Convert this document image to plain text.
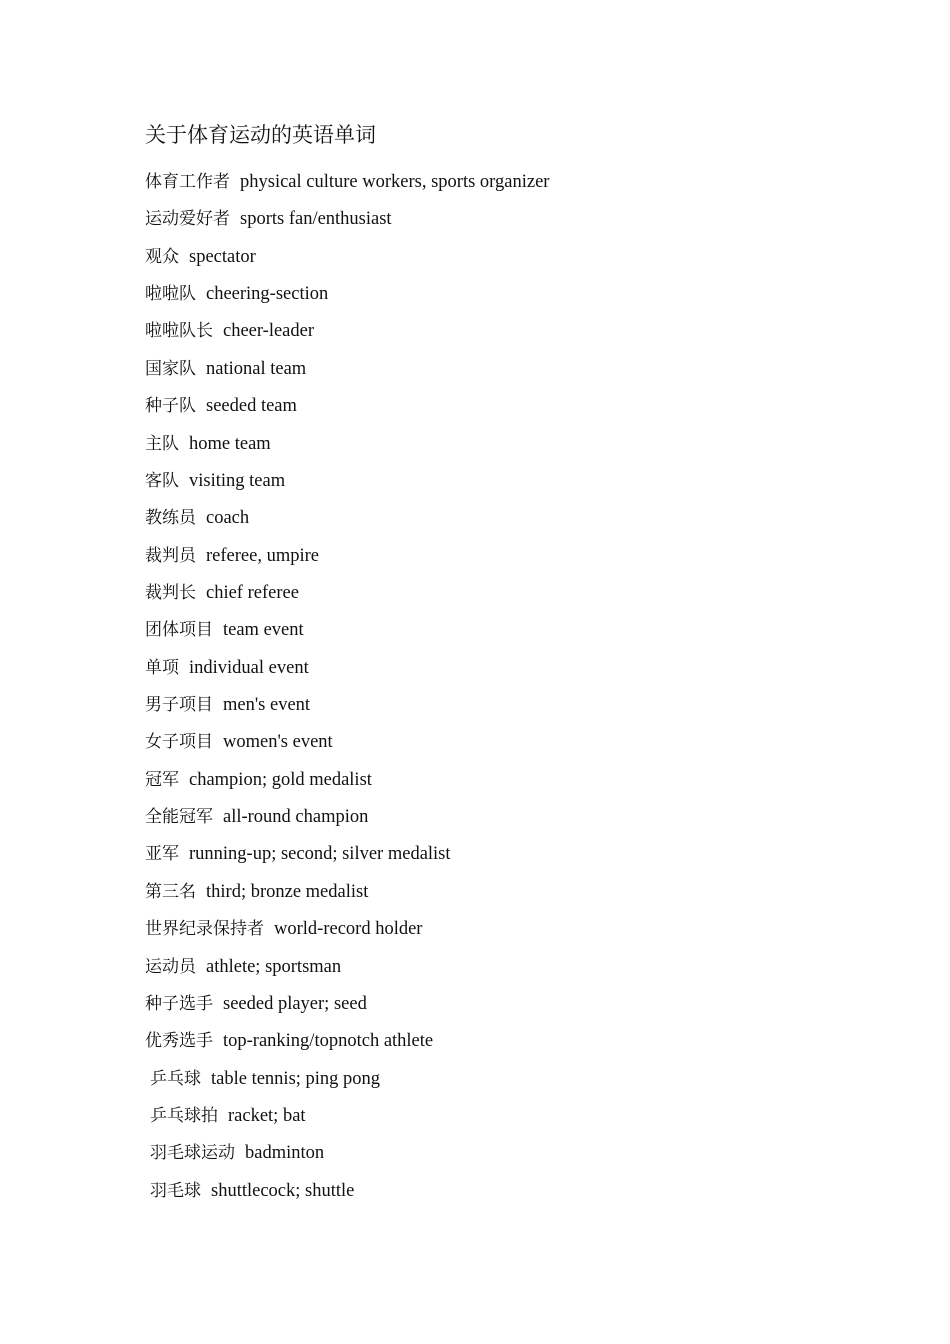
关于体育运动的英语单词
体育工作者 physical culture workers, sports organizer
运动爱好者 sports fan/enthusiast
观众 spectator
啦啦队 cheering-section
啦啦队长 cheer-leader
国家队 national team
种子队 seeded team
主队 home team
客队 visiting team
教练员 coach
裁判员 referee, umpire
裁判长 chief referee
团体项目 team event
单项 individual event
男子项目 men's event
女子项目 women's event
冠军 champion; gold medalist
全能冠军 all-round champion
亚军 running-up; second; silver medalist
第三名 third; bronze medalist
世界纪录保持者 world-record holder
运动员 athlete; sportsman
种子选手 seeded player; seed
优秀选手 top-ranking/topnotch athlete
乒乓球 table tennis; ping pong
乒乓球拍 racket; bat
羽毛球运动 badminton
羽毛球 shuttlecock; shuttle
